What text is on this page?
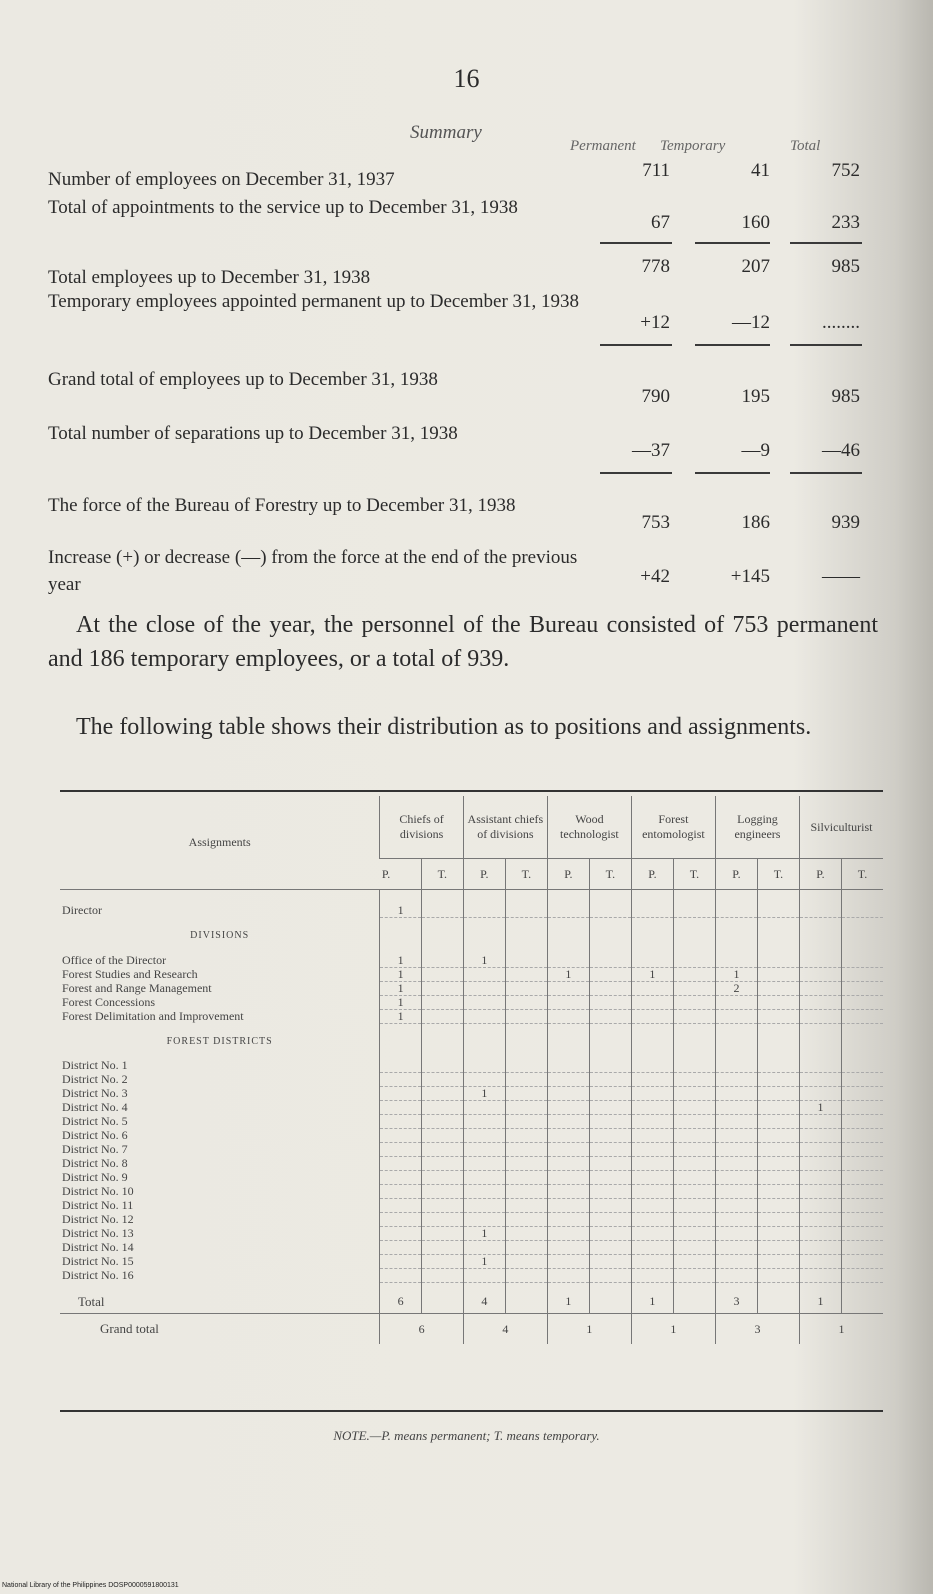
16
Summary
Permanent Temporary	Total
Number of employees on December 31, 1937	711	41	752
Total of appointments to the service up to December 31, 1938
67	160	233
Total employees up to December 31, 1938
778	207	985
Temporary employees appointed permanent up to December 31, 1938
+12	—12	........
Grand total of employees up to December 31, 1938
790	195	985
Total number of separations up to December 31, 1938
—37	—9	—46
The force of the Bureau of Forestry up to December 31, 1938
753	186	939
Increase (+) or decrease (—) from the force at the end of the previous year	+42	+145	——
At the close of the year, the personnel of the Bureau consisted of 753 permanent and 186 temporary employees, or a total of 939.
The following table shows their distribution as to positions and assignments.
Assignments	Chiefs of divisions		Assistant chiefs of divisions		Wood technologist		Forest entomologist		Logging engineers		Silviculturist	
	P.	T.	P.	T.	P.	T.	P.	T.	P.	T.	P.	T.

Director	1											
DIVISIONS												
Office of the Director	1		1									
Forest Studies and Research	1				1		1		1			
Forest and Range Management	1								2			
Forest Concessions	1											
Forest Delimitation and Improvement	1											
FOREST DISTRICTS												
District No. 1												
District No. 2												
District No. 3			1									
District No. 4											1	
District No. 5												
District No. 6												
District No. 7												
District No. 8												
District No. 9												
District No. 10												
District No. 11												
District No. 12												
District No. 13			1									
District No. 14												
District No. 15			1									
District No. 16												

Total	6		4		1		1		3		1	
Grand total	6		4		1		1		3		1	
NOTE.—P. means permanent; T. means temporary.
National Library of the Philippines DOSP0000591800131
